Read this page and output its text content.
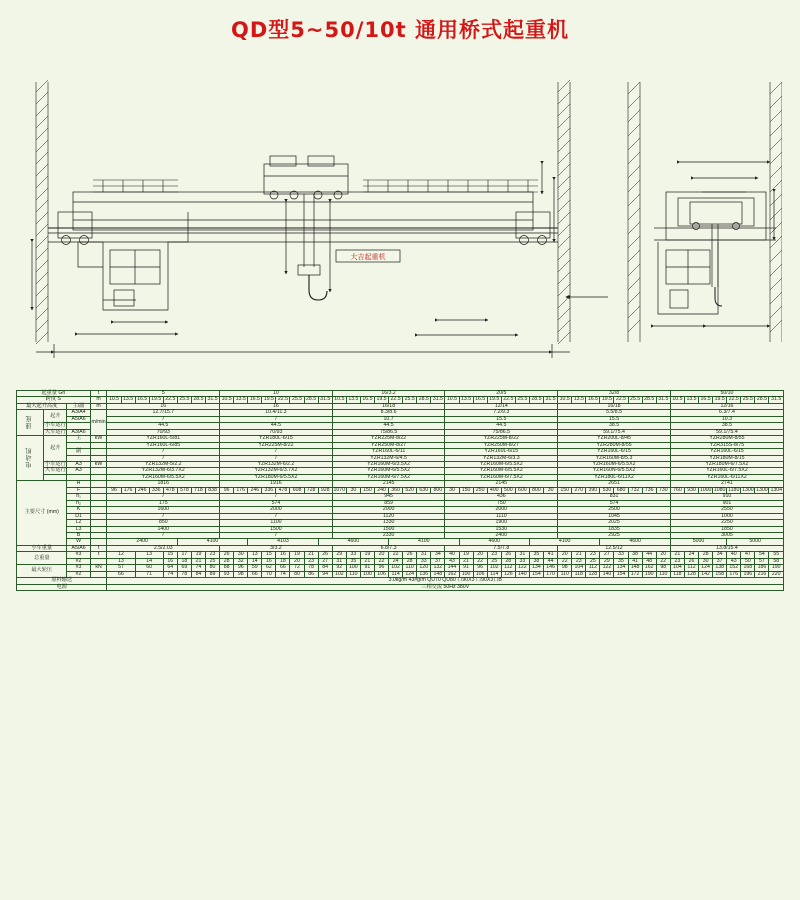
QD型5~50/10t 通用桥式起重机
大吉起重机
S
230
280	230 280
S1
S2
1100	S3
S4
2450
F
300
H1
h2
h
A
A向
W
K
B
730	1540
H1
起重量 Gn			t	5								10								16/3.2								20/5								32/8								50/10							
跨度 S			m	10.5	13.5	16.5	19.5	22.5	25.5	28.5	31.5	10.5	13.5	16.5	19.5	22.5	25.5	28.5	31.5	10.5	13.5	16.5	19.5	22.5	25.5	28.5	31.5	10.5	13.5	16.5	19.5	22.5	25.5	28.5	31.5	10.5	13.5	16.5	19.5	22.5	25.5	28.5	31.5	10.5	13.5	16.5	19.5	22.5	25.5	28.5	31.5
最大起升高度		主/副	m	16								16								16/18								12/14								16/18								12/16							
速度	起升	A3/A4	m/min	12.7/15.7								10.4/11.3								8.3/8.6								7.2/9.3								5.5/8.5								6.3/7.4							
		A5/A6		/								/								10.7								15.5								15.5								10.3							
	小车运行			44.5								44.5								44.5								44.5								38.5								38.5							
	大车运行	A3/A6		70/93								70/93								75/86.5								75/86.5								59.1/75.4								59.1/75.4							
电动机	起升	主	kW	YZR160L-5/81								YZR180L-6/15								YZR225M-8/22								YZR225M-8/22								YZR200L-8/45								YZR280M-8/55							
				YZR160L-6/85								YZR225M-8/22								YZR250M-8/27								YZR250M-8/27								YZR280M-8/55								YZR315S-8/75							
		副		/								/								YZR160L-6/11								YZR160L-6/15								YZR160L-6/15								YZR160L-6/15							
				/								/								YZR132M-6/4.5								YZR132M-6/3.3								YZR160M-8/5.3								YZR180M-8/15							
	小车运行	A3	kW	YZR132M-5/2.2								YZR132M-6/2.2								YZR160M-6/3.5X2								YZR160M-6/5.5X2								YZR160M-6/5.5X2								YZR180M-6/7.5X2							
	大车运行	A3		YZR132M-6/3.7X2								YZR132M-6/3.7X2								YZR160M-6/5.5X2								YZR160M-6/5.5X2								YZR160N-6/5.5X2								YZR160L-6/7.5X2							
				YZR160M-6/5.5X2								YZR180M-6/5.5X2								YZR160M-6/7.5X2								YZR160M-6/7.5X2								YZR180L-6/11X2								YZR160L-6/11X2							
主要尺寸 (mm)		H		1816								1916								2145								2145								2651								2741							
		F		96	176	246	336	478	578	718	838	96	176	246	336	478	608	728	928	1070	30	150	240	360	520	630	800	30	150	250	400	500	600	800	30	150	270	390	530	680	732	736	730	760	930	1000	1080	1180	1300	1300	1304
		h₁		/								/								945								436								831								910							
		h₂		175								574								859								750								574								901							
		K		1600								2000								2000								2000								2500								2550							
		D1		/								/								1120								1110								1045								1000							
		L2		850								1100								1330								1900								2025								2250							
		L3		1400								1500								1500								1530								1835								1850							
		B		/								/								2330								2400								2925								3005							
		W		2400					4100					4103					4600					4100					4600					4100					4600					5000				5000			
小车重量		A5/A6	t	2.5/2.03								3/3.2								6.8/7.3								7.5/7.8								12.5/12								13.8/15.4							
总重量		#3	t	12		13		15	17	19	23	26	30	13	15	16	19	21	26	29	33	19	20	22	26	31	34	40	19	20	23	26	31	35	41	20	21	23	27	33	38	44	20	21	24	28	34	40	47	54	55
		#2		13		14		16	18	21	25	28	32	14	16	18	20	23	27	31	35	21	22	24	28	33	37	43	21	22	25	28	33	38	44	22	23	25	29	35	41	48	22	23	26	30	37	43	50	57	58
最大轮压		#3	kN	57		60		64	69	74	80	88	96	59	62	66	72	78	84	92	100	91	96	102	110	120	132	144	91	96	102	112	122	134	146	98	104	112	122	134	148	162	98	104	112	124	138	152	168	186	190
		#2		66		71		74	78	84	89	93	98	66	70	74	80	86	94	102	110	100	106	114	124	136	148	162	100	106	114	126	140	154	170	110	118	128	140	154	172	190	110	118	128	142	158	176	196	216	220
原料输送				3.0kg/m 43#g/m QU70 QU80 口90X3 口90X3口B																																															
电源				三相交流 50Hz 380V																																															
